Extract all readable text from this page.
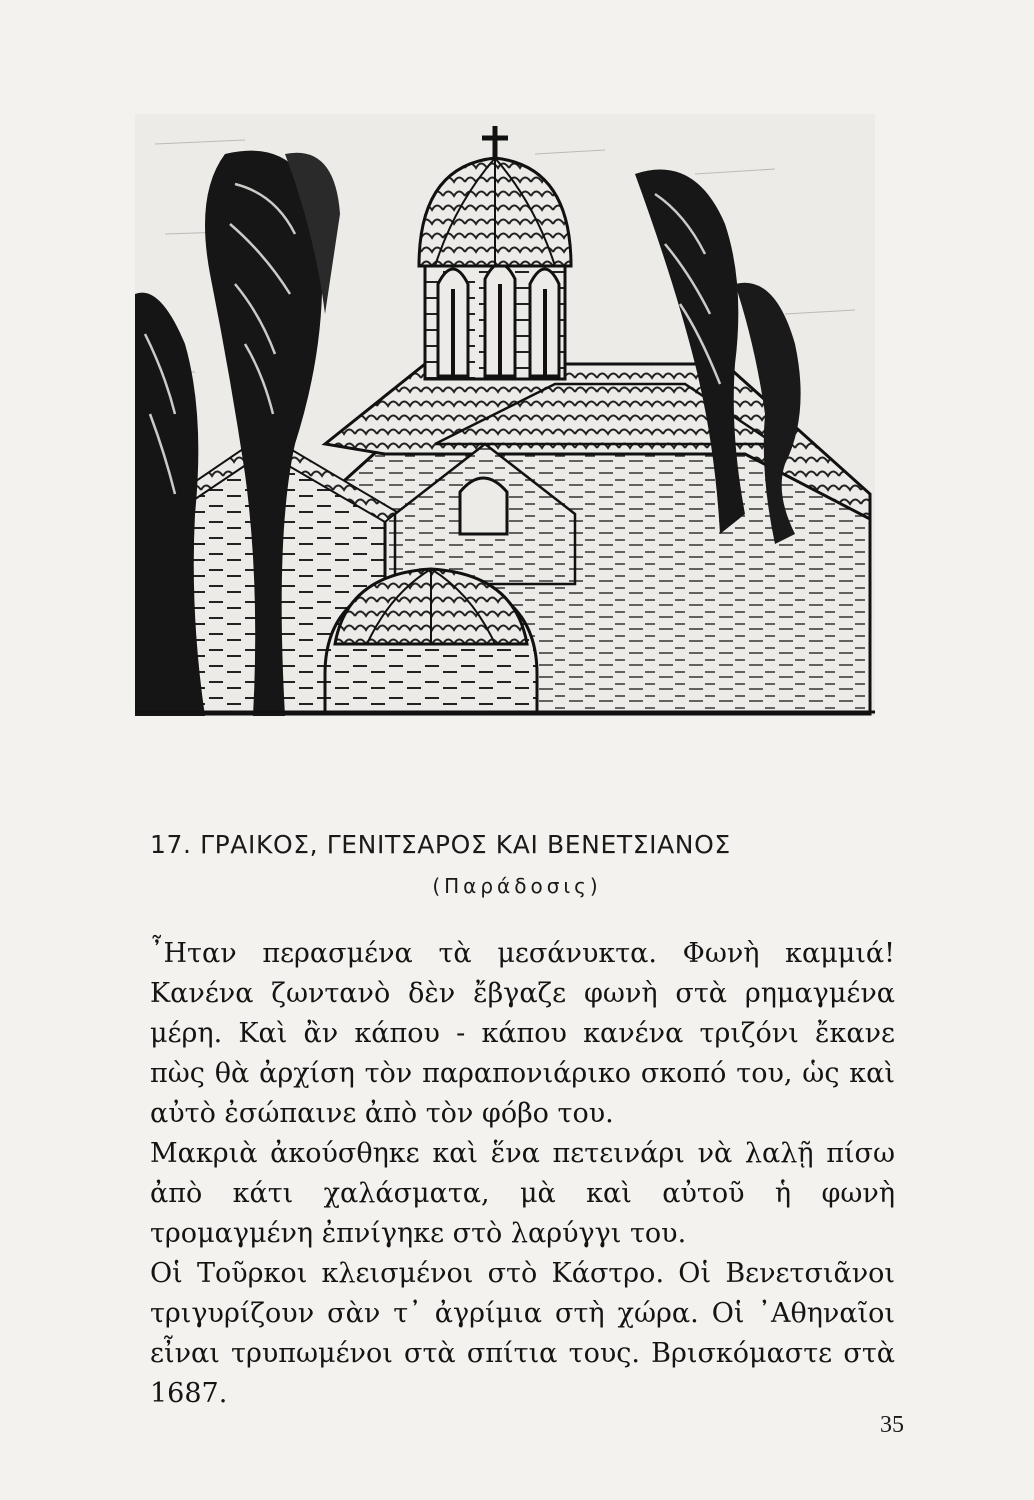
17. ΓΡΑΙΚΟΣ, ΓΕΝΙΤΣΑΡΟΣ ΚΑΙ ΒΕΝΕΤΣΙΑΝΟΣ
(Παράδοσις)

῏Ηταν περασμένα τὰ μεσάνυκτα. Φωνὴ καμμιά! Κανένα ζωντανὸ δὲν ἔβγαζε φωνὴ στὰ ρημαγμένα μέρη. Καὶ ἂν κάπου - κάπου κανένα τριζόνι ἔκανε πὼς θὰ ἀρχίση τὸν παραπονιάρικο σκοπό του, ὡς καὶ αὐτὸ ἐσώπαινε ἀπὸ τὸν φόβο του.

Μακριὰ ἀκούσθηκε καὶ ἕνα πετεινάρι νὰ λαλῇ πίσω ἀπὸ κάτι χαλάσματα, μὰ καὶ αὐτοῦ ἡ φωνὴ τρομαγμένη ἐπνίγηκε στὸ λαρύγγι του.

Οἱ Τοῦρκοι κλεισμένοι στὸ Κάστρο. Οἱ Βενετσιᾶνοι τριγυρίζουν σὰν τ᾽ ἀγρίμια στὴ χώρα. Οἱ ᾽Αθηναῖοι εἶναι τρυπωμένοι στὰ σπίτια τους. Βρισκόμαστε στὰ 1687.

35
